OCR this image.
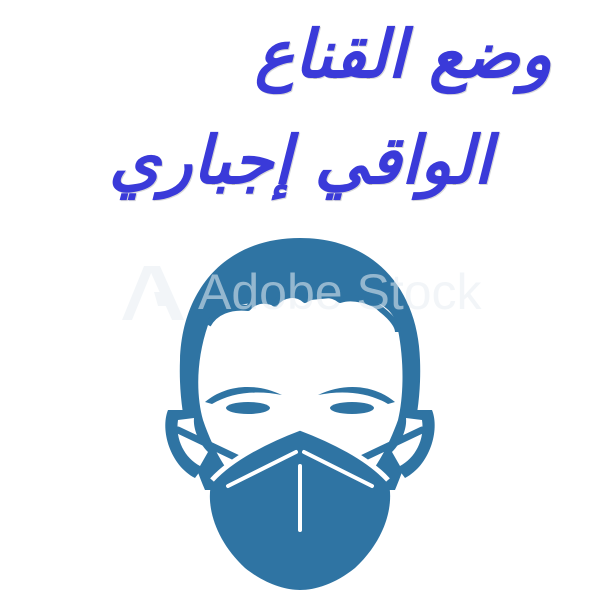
وضع القناع
الواقي إجباري
Adobe Stock
